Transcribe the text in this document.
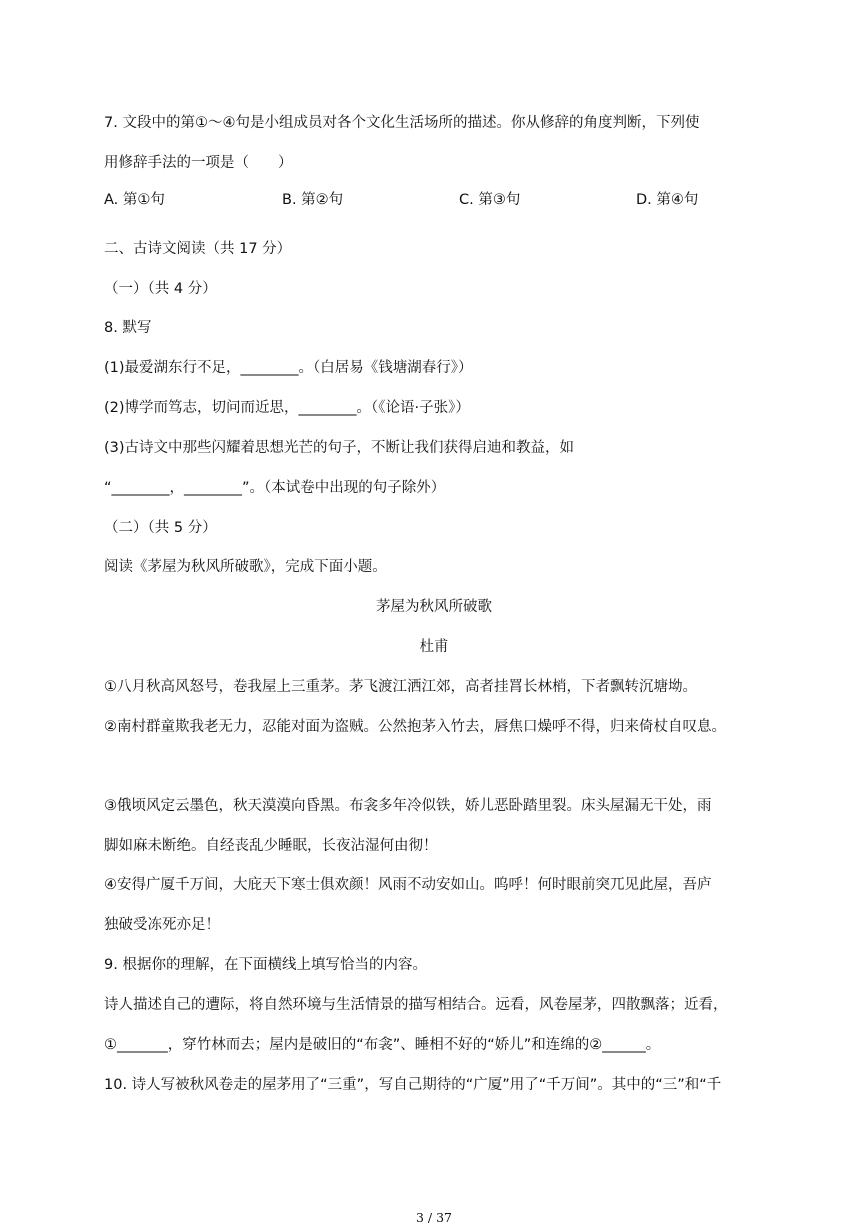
7. 文段中的第①～④句是小组成员对各个文化生活场所的描述。你从修辞的角度判断，下列使
用修辞手法的一项是（　　）
A. 第①句	B. 第②句	C. 第③句	D. 第④句
二、古诗文阅读（共 17 分）
（一）（共 4 分）
8. 默写
(1)最爱湖东行不足，________。（白居易《钱塘湖春行》）
(2)博学而笃志，切问而近思，________。（《论语·子张》）
(3)古诗文中那些闪耀着思想光芒的句子，不断让我们获得启迪和教益，如
“________，________”。（本试卷中出现的句子除外）
（二）（共 5 分）
阅读《茅屋为秋风所破歌》，完成下面小题。
茅屋为秋风所破歌
杜甫
①八月秋高风怒号，卷我屋上三重茅。茅飞渡江洒江郊，高者挂罥长林梢，下者飘转沉塘坳。
②南村群童欺我老无力，忍能对面为盗贼。公然抱茅入竹去，唇焦口燥呼不得，归来倚杖自叹息。
③俄顷风定云墨色，秋天漠漠向昏黑。布衾多年冷似铁，娇儿恶卧踏里裂。床头屋漏无干处，雨
脚如麻未断绝。自经丧乱少睡眠，长夜沾湿何由彻！
④安得广厦千万间，大庇天下寒士俱欢颜！风雨不动安如山。呜呼！何时眼前突兀见此屋，吾庐
独破受冻死亦足！
9. 根据你的理解，在下面横线上填写恰当的内容。
诗人描述自己的遭际，将自然环境与生活情景的描写相结合。远看，风卷屋茅，四散飘落；近看，
①_______，穿竹林而去；屋内是破旧的“布衾”、睡相不好的“娇儿”和连绵的②______。
10. 诗人写被秋风卷走的屋茅用了“三重”，写自己期待的“广厦”用了“千万间”。其中的“三”和“千
3 / 37
